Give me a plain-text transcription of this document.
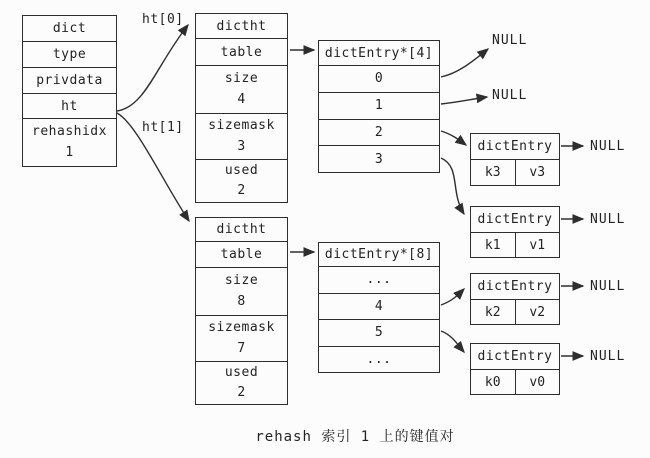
dict
type
privdata
ht
rehashidx
1
ht[0]
ht[1]
dictht
table
size
4
sizemask
3
used
2
dictEntry*[4]
0
1
2
3
dictht
table
size
8
sizemask
7
used
2
dictEntry*[8]
...
4
5
...
dictEntry
k3	v3
dictEntry
k1	v1
dictEntry
k2	v2
dictEntry
k0	v0
NULL
NULL
NULL
NULL
NULL
NULL
rehash 索引 1 上的键值对
